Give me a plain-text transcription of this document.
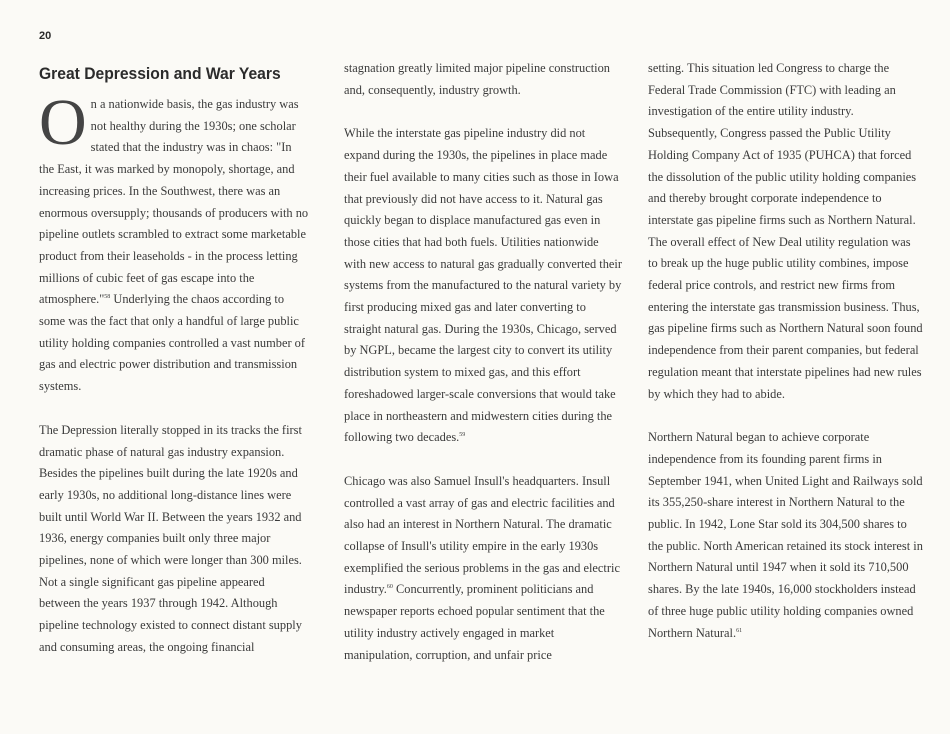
20
Great Depression and War Years

On a nationwide basis, the gas industry was not healthy during the 1930s; one scholar stated that the industry was in chaos: "In the East, it was marked by monopoly, shortage, and increasing prices. In the Southwest, there was an enormous oversupply; thousands of producers with no pipeline outlets scrambled to extract some marketable product from their leaseholds - in the process letting millions of cubic feet of gas escape into the atmosphere."$^{58}$ Underlying the chaos according to some was the fact that only a handful of large public utility holding companies controlled a vast number of gas and electric power distribution and transmission systems.

The Depression literally stopped in its tracks the first dramatic phase of natural gas industry expansion. Besides the pipelines built during the late 1920s and early 1930s, no additional long-distance lines were built until World War II. Between the years 1932 and 1936, energy companies built only three major pipelines, none of which were longer than 300 miles. Not a single significant gas pipeline appeared between the years 1937 through 1942. Although pipeline technology existed to connect distant supply and consuming areas, the ongoing financial

stagnation greatly limited major pipeline construction and, consequently, industry growth.

While the interstate gas pipeline industry did not expand during the 1930s, the pipelines in place made their fuel available to many cities such as those in Iowa that previously did not have access to it. Natural gas quickly began to displace manufactured gas even in those cities that had both fuels. Utilities nationwide with new access to natural gas gradually converted their systems from the manufactured to the natural variety by first producing mixed gas and later converting to straight natural gas. During the 1930s, Chicago, served by NGPL, became the largest city to convert its utility distribution system to mixed gas, and this effort foreshadowed larger-scale conversions that would take place in northeastern and midwestern cities during the following two decades.$^{59}$

Chicago was also Samuel Insull's headquarters. Insull controlled a vast array of gas and electric facilities and also had an interest in Northern Natural. The dramatic collapse of Insull's utility empire in the early 1930s exemplified the serious problems in the gas and electric industry.$^{60}$ Concurrently, prominent politicians and newspaper reports echoed popular sentiment that the utility industry actively engaged in market manipulation, corruption, and unfair price

setting. This situation led Congress to charge the Federal Trade Commission (FTC) with leading an investigation of the entire utility industry. Subsequently, Congress passed the Public Utility Holding Company Act of 1935 (PUHCA) that forced the dissolution of the public utility holding companies and thereby brought corporate independence to interstate gas pipeline firms such as Northern Natural. The overall effect of New Deal utility regulation was to break up the huge public utility combines, impose federal price controls, and restrict new firms from entering the interstate gas transmission business. Thus, gas pipeline firms such as Northern Natural soon found independence from their parent companies, but federal regulation meant that interstate pipelines had new rules by which they had to abide.

Northern Natural began to achieve corporate independence from its founding parent firms in September 1941, when United Light and Railways sold its 355,250-share interest in Northern Natural to the public. In 1942, Lone Star sold its 304,500 shares to the public. North American retained its stock interest in Northern Natural until 1947 when it sold its 710,500 shares. By the late 1940s, 16,000 stockholders instead of three huge public utility holding companies owned Northern Natural.$^{61}$
